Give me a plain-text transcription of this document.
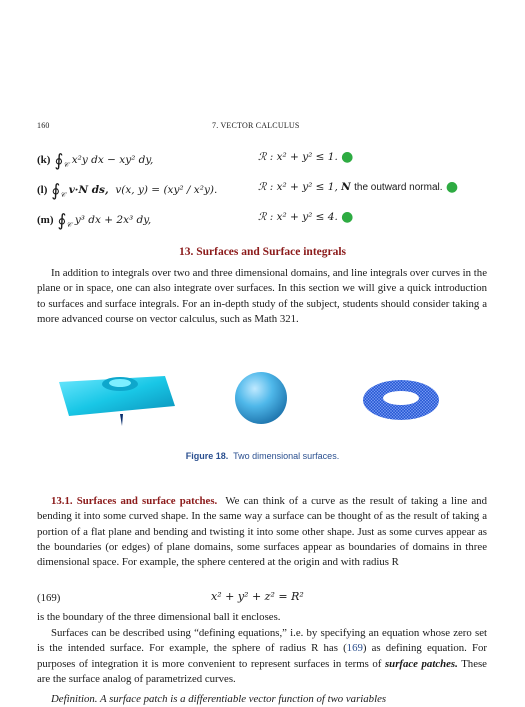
160	7. VECTOR CALCULUS
(k) $∮_𝒞$ x²y dx − xy² dy,	ℛ : x² + y² ≤ 1. ●
(l) $∮_𝒞$ v·N ds, v(x, y) = (xy² / x²y).	ℛ : x² + y² ≤ 1, N the outward normal. ●
(m) $∮_𝒞$ y³ dx + 2x³ dy,	ℛ : x² + y² ≤ 4. ●
13. Surfaces and Surface integrals
In addition to integrals over two and three dimensional domains, and line integrals over curves in the plane or in space, one can also integrate over surfaces. In this section we will give a quick introduction to surfaces and surface integrals. For an in-depth study of the subject, students should consider taking a more advanced course on vector calculus, such as Math 321.
Figure 18. Two dimensional surfaces.
13.1. Surfaces and surface patches. We can think of a curve as the result of taking a line and bending it into some curved shape. In the same way a surface can be thought of as the result of taking a portion of a flat plane and bending and twisting it into some other shape. Just as some curves appear as the boundaries (or edges) of plane domains, some surfaces appear as boundaries of domains in three dimensional space. For example, the sphere centered at the origin and with radius R
(169)	x² + y² + z² = R²
is the boundary of the three dimensional ball it encloses.
Surfaces can be described using “defining equations,” i.e. by specifying an equation whose zero set is the intended surface. For example, the sphere of radius R has (169) as defining equation. For purposes of integration it is more convenient to represent surfaces in terms of surface patches. These are the surface analog of parametrized curves.
Definition. A surface patch is a differentiable vector function of two variables
